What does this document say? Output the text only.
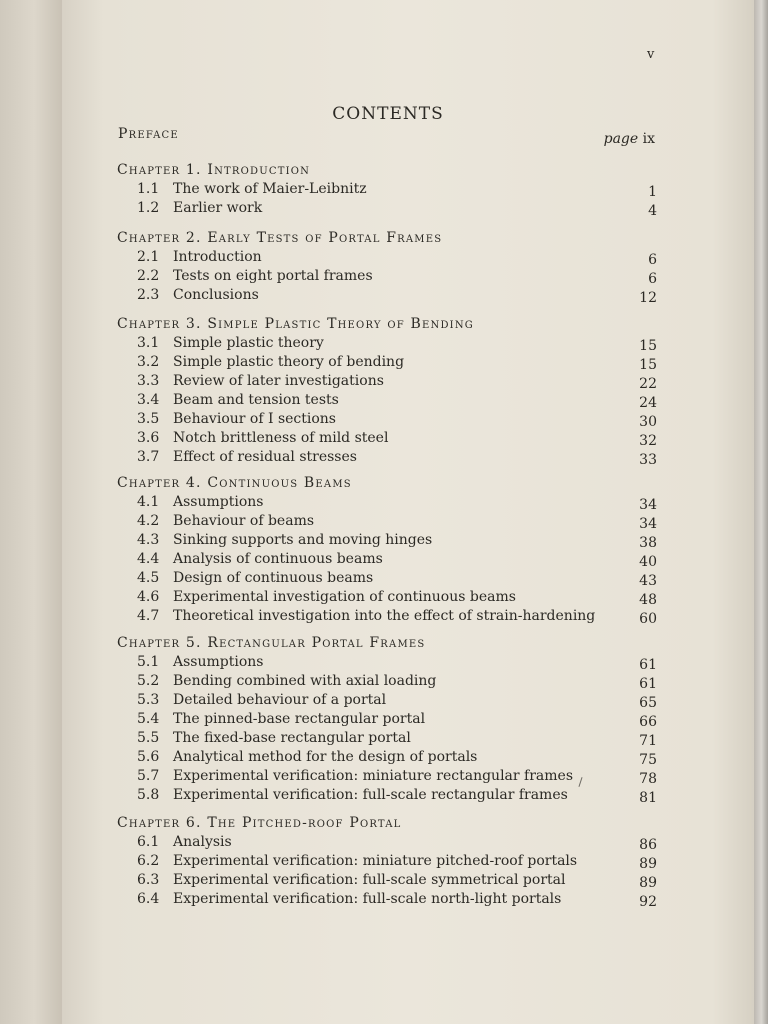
v
CONTENTS
Preface	page ix
Chapter 1. Introduction
1.1 The work of Maier-Leibnitz	1
1.2 Earlier work	4
Chapter 2. Early Tests of Portal Frames
2.1 Introduction	6
2.2 Tests on eight portal frames	6
2.3 Conclusions	12
Chapter 3. Simple Plastic Theory of Bending
3.1 Simple plastic theory	15
3.2 Simple plastic theory of bending	15
3.3 Review of later investigations	22
3.4 Beam and tension tests	24
3.5 Behaviour of I sections	30
3.6 Notch brittleness of mild steel	32
3.7 Effect of residual stresses	33
Chapter 4. Continuous Beams
4.1 Assumptions	34
4.2 Behaviour of beams	34
4.3 Sinking supports and moving hinges	38
4.4 Analysis of continuous beams	40
4.5 Design of continuous beams	43
4.6 Experimental investigation of continuous beams	48
4.7 Theoretical investigation into the effect of strain-hardening	60
Chapter 5. Rectangular Portal Frames
5.1 Assumptions	61
5.2 Bending combined with axial loading	61
5.3 Detailed behaviour of a portal	65
5.4 The pinned-base rectangular portal	66
5.5 The fixed-base rectangular portal	71
5.6 Analytical method for the design of portals	75
5.7 Experimental verification: miniature rectangular frames	78
5.8 Experimental verification: full-scale rectangular frames	81
Chapter 6. The Pitched-roof Portal
6.1 Analysis	86
6.2 Experimental verification: miniature pitched-roof portals	89
6.3 Experimental verification: full-scale symmetrical portal	89
6.4 Experimental verification: full-scale north-light portals	92
